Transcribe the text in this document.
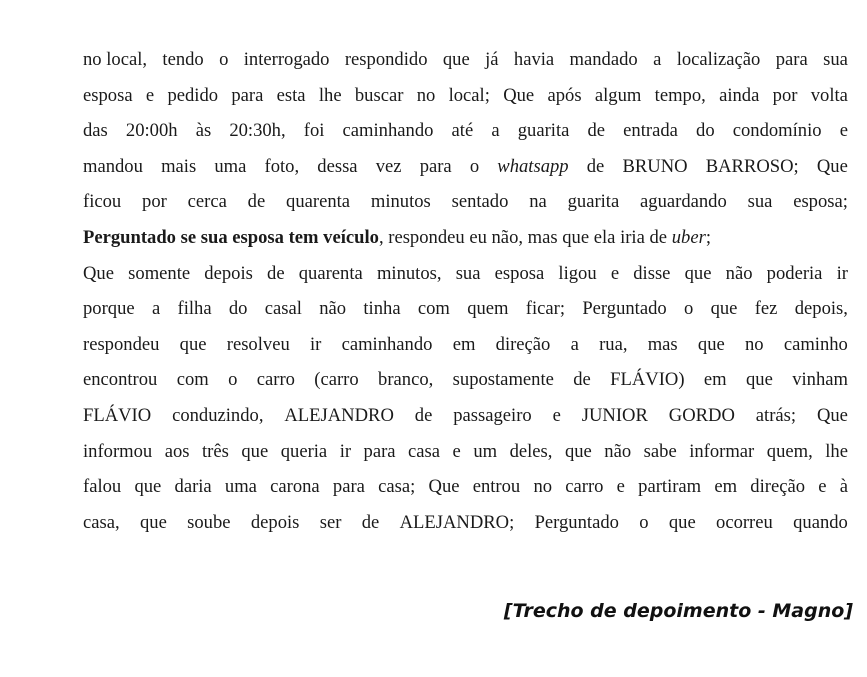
no local, tendo o interrogado respondido que já havia mandado a localização para sua
esposa e pedido para esta lhe buscar no local; Que após algum tempo, ainda por volta
das 20:00h às 20:30h, foi caminhando até a guarita de entrada do condomínio e
mandou mais uma foto, dessa vez para o whatsapp de BRUNO BARROSO; Que
ficou por cerca de quarenta minutos sentado na guarita aguardando sua esposa;
Perguntado se sua esposa tem veículo , respondeu eu não, mas que ela iria de uber;
Que somente depois de quarenta minutos, sua esposa ligou e disse que não poderia ir
porque a filha do casal não tinha com quem ficar; Perguntado o que fez depois,
respondeu que resolveu ir caminhando em direção a rua, mas que no caminho
encontrou com o carro (carro branco, supostamente de FLÁVIO) em que vinham
FLÁVIO conduzindo, ALEJANDRO de passageiro e JUNIOR GORDO atrás; Que
informou aos três que queria ir para casa e um deles, que não sabe informar quem, lhe
falou que daria uma carona para casa; Que entrou no carro e partiram em direção e à
casa, que soube depois ser de ALEJANDRO; Perguntado o que ocorreu quando
[Trecho de depoimento - Magno]
